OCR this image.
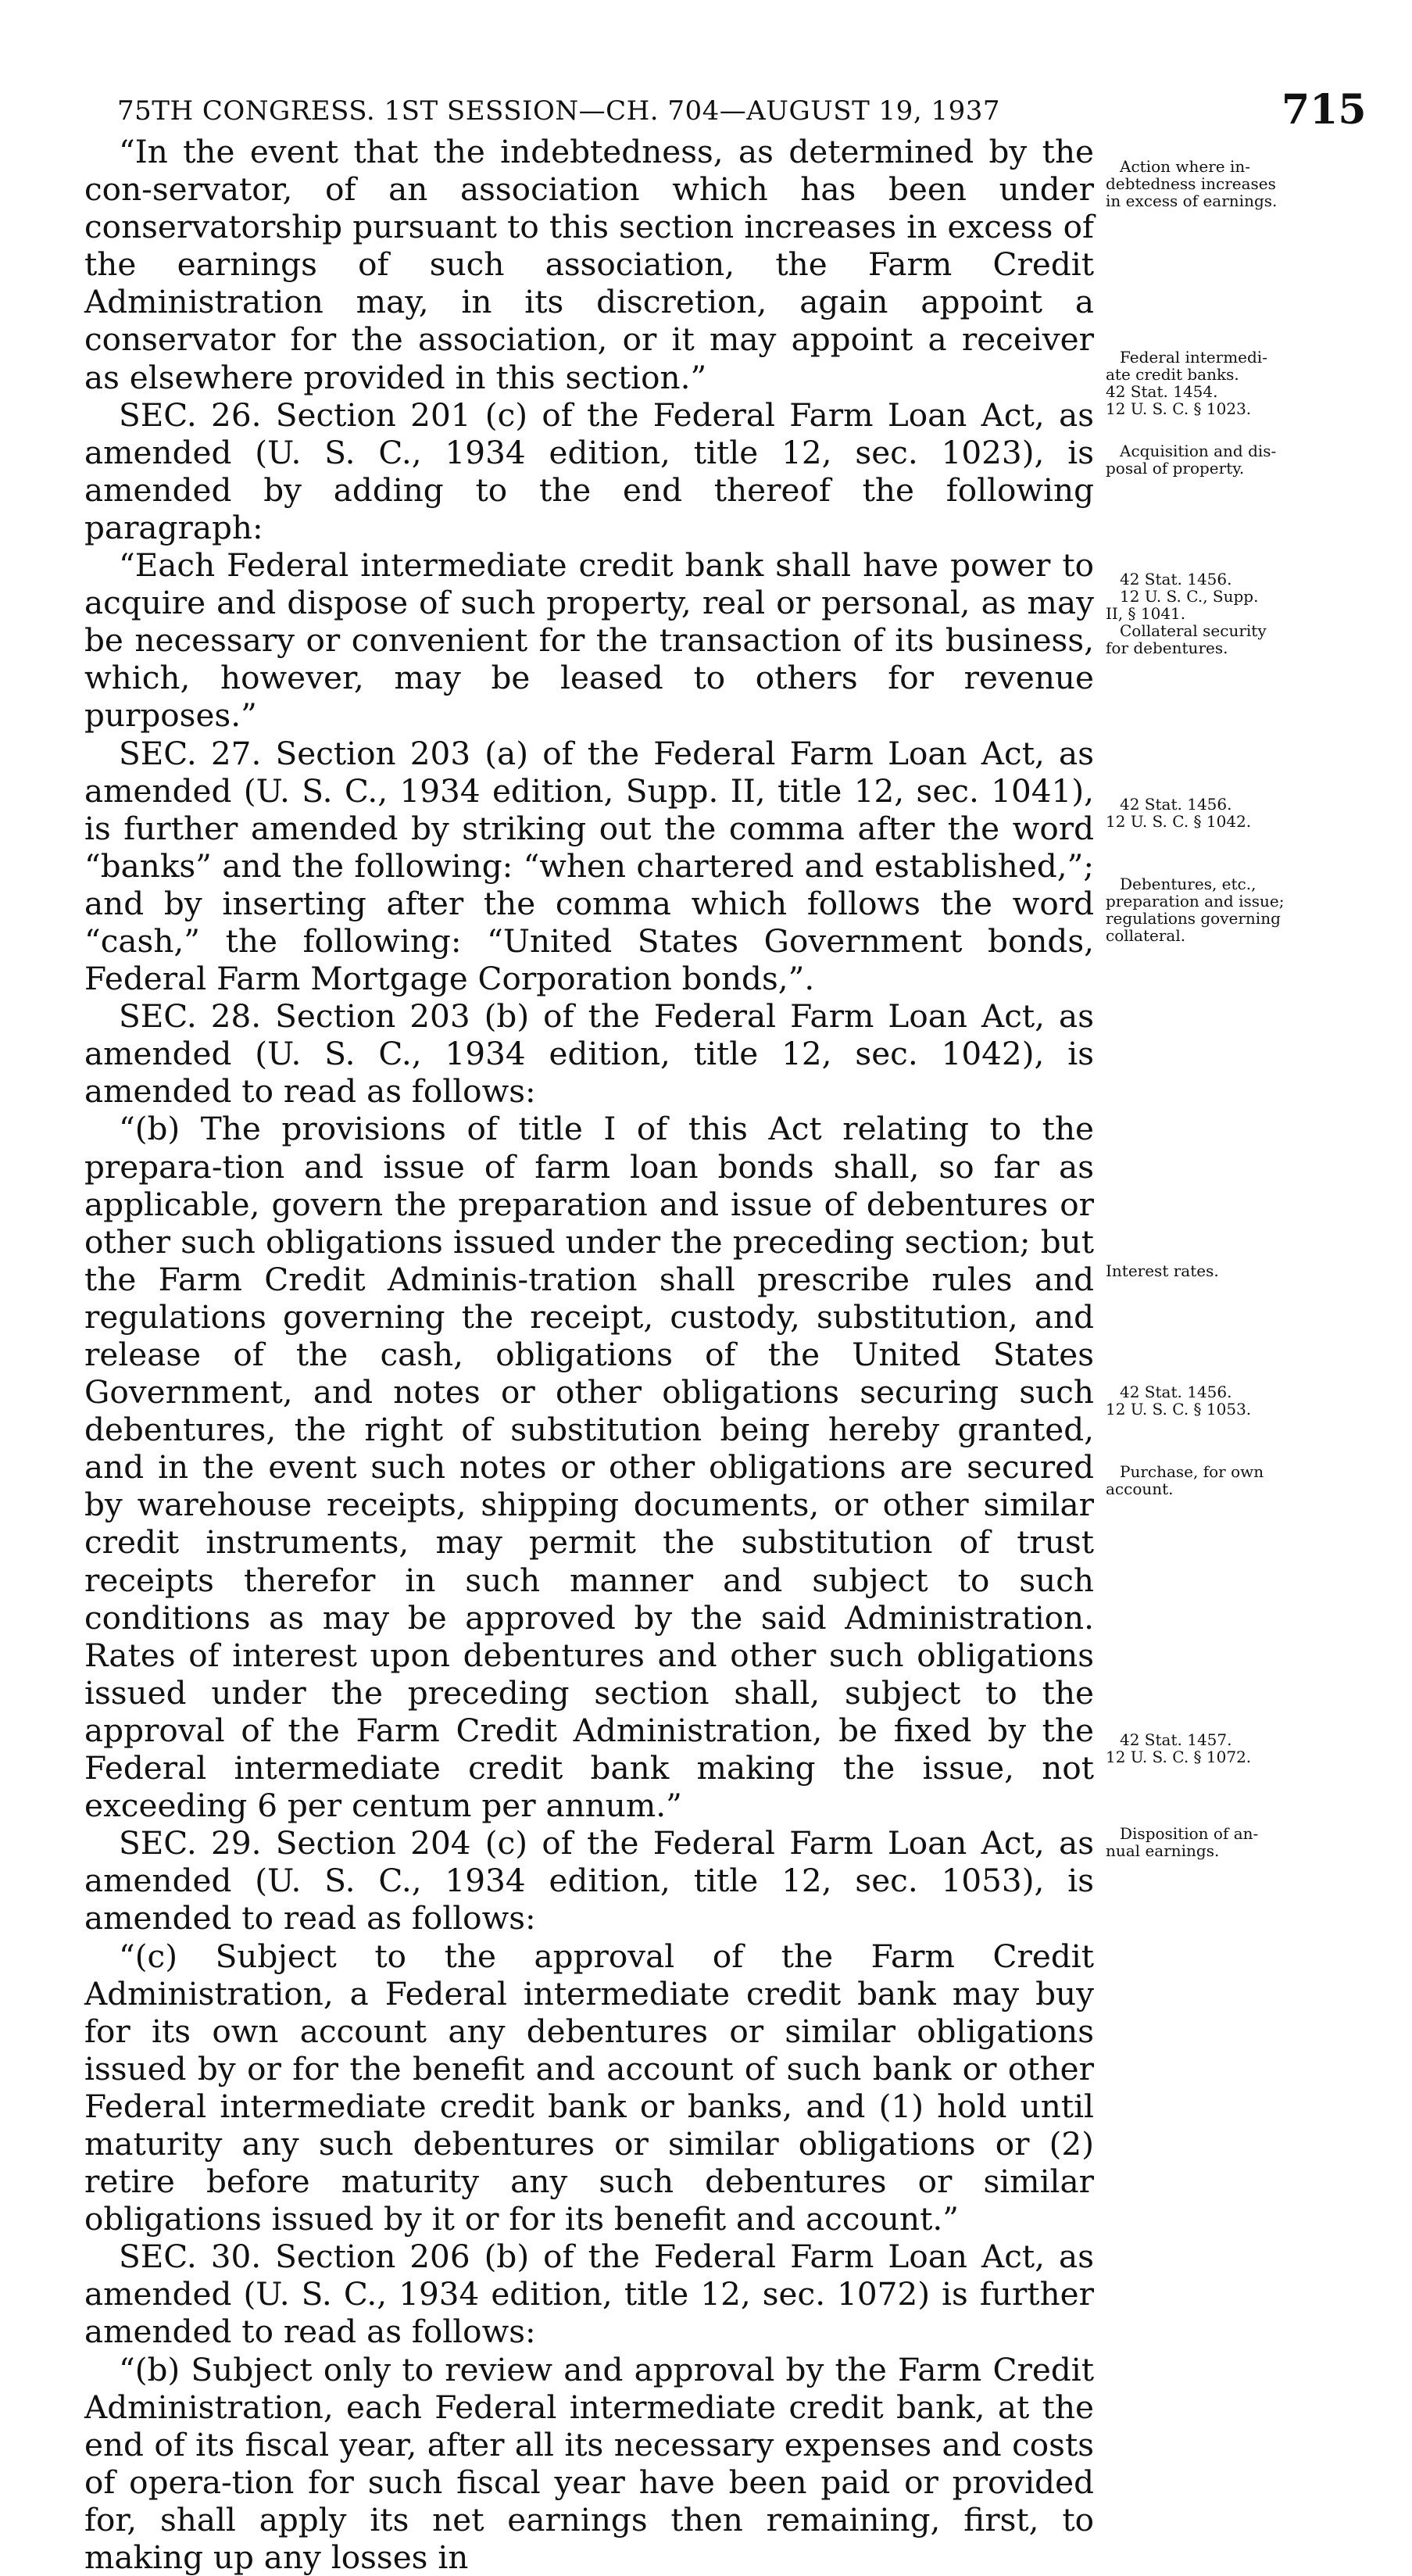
75TH CONGRESS. 1ST SESSION—CH. 704—AUGUST 19, 1937	715

“In the event that the indebtedness, as determined by the con-servator, of an association which has been under conservatorship pursuant to this section increases in excess of the earnings of such association, the Farm Credit Administration may, in its discretion, again appoint a conservator for the association, or it may appoint a receiver as elsewhere provided in this section.”

SEC. 26. Section 201 (c) of the Federal Farm Loan Act, as amended (U. S. C., 1934 edition, title 12, sec. 1023), is amended by adding to the end thereof the following paragraph:

“Each Federal intermediate credit bank shall have power to acquire and dispose of such property, real or personal, as may be necessary or convenient for the transaction of its business, which, however, may be leased to others for revenue purposes.”

SEC. 27. Section 203 (a) of the Federal Farm Loan Act, as amended (U. S. C., 1934 edition, Supp. II, title 12, sec. 1041), is further amended by striking out the comma after the word “banks” and the following: “when chartered and established,”; and by inserting after the comma which follows the word “cash,” the following: “United States Government bonds, Federal Farm Mortgage Corporation bonds,”.

SEC. 28. Section 203 (b) of the Federal Farm Loan Act, as amended (U. S. C., 1934 edition, title 12, sec. 1042), is amended to read as follows:

“(b) The provisions of title I of this Act relating to the prepara-tion and issue of farm loan bonds shall, so far as applicable, govern the preparation and issue of debentures or other such obligations issued under the preceding section; but the Farm Credit Adminis-tration shall prescribe rules and regulations governing the receipt, custody, substitution, and release of the cash, obligations of the United States Government, and notes or other obligations securing such debentures, the right of substitution being hereby granted, and in the event such notes or other obligations are secured by warehouse receipts, shipping documents, or other similar credit instruments, may permit the substitution of trust receipts therefor in such manner and subject to such conditions as may be approved by the said Administration. Rates of interest upon debentures and other such obligations issued under the preceding section shall, subject to the approval of the Farm Credit Administration, be fixed by the Federal intermediate credit bank making the issue, not exceeding 6 per centum per annum.”

SEC. 29. Section 204 (c) of the Federal Farm Loan Act, as amended (U. S. C., 1934 edition, title 12, sec. 1053), is amended to read as follows:

“(c) Subject to the approval of the Farm Credit Administration, a Federal intermediate credit bank may buy for its own account any debentures or similar obligations issued by or for the benefit and account of such bank or other Federal intermediate credit bank or banks, and (1) hold until maturity any such debentures or similar obligations or (2) retire before maturity any such debentures or similar obligations issued by it or for its benefit and account.”

SEC. 30. Section 206 (b) of the Federal Farm Loan Act, as amended (U. S. C., 1934 edition, title 12, sec. 1072) is further amended to read as follows:

“(b) Subject only to review and approval by the Farm Credit Administration, each Federal intermediate credit bank, at the end of its fiscal year, after all its necessary expenses and costs of opera-tion for such fiscal year have been paid or provided for, shall apply its net earnings then remaining, first, to making up any losses in

Action where in-
debtedness increases
in excess of earnings.
Federal intermedi-
ate credit banks.
42 Stat. 1454.
12 U. S. C. § 1023.
Acquisition and dis-
posal of property.
42 Stat. 1456.
12 U. S. C., Supp.
II, § 1041.
Collateral security
for debentures.
42 Stat. 1456.
12 U. S. C. § 1042.
Debentures, etc.,
preparation and issue;
regulations governing
collateral.
Interest rates.
42 Stat. 1456.
12 U. S. C. § 1053.
Purchase, for own
account.
42 Stat. 1457.
12 U. S. C. § 1072.
Disposition of an-
nual earnings.
